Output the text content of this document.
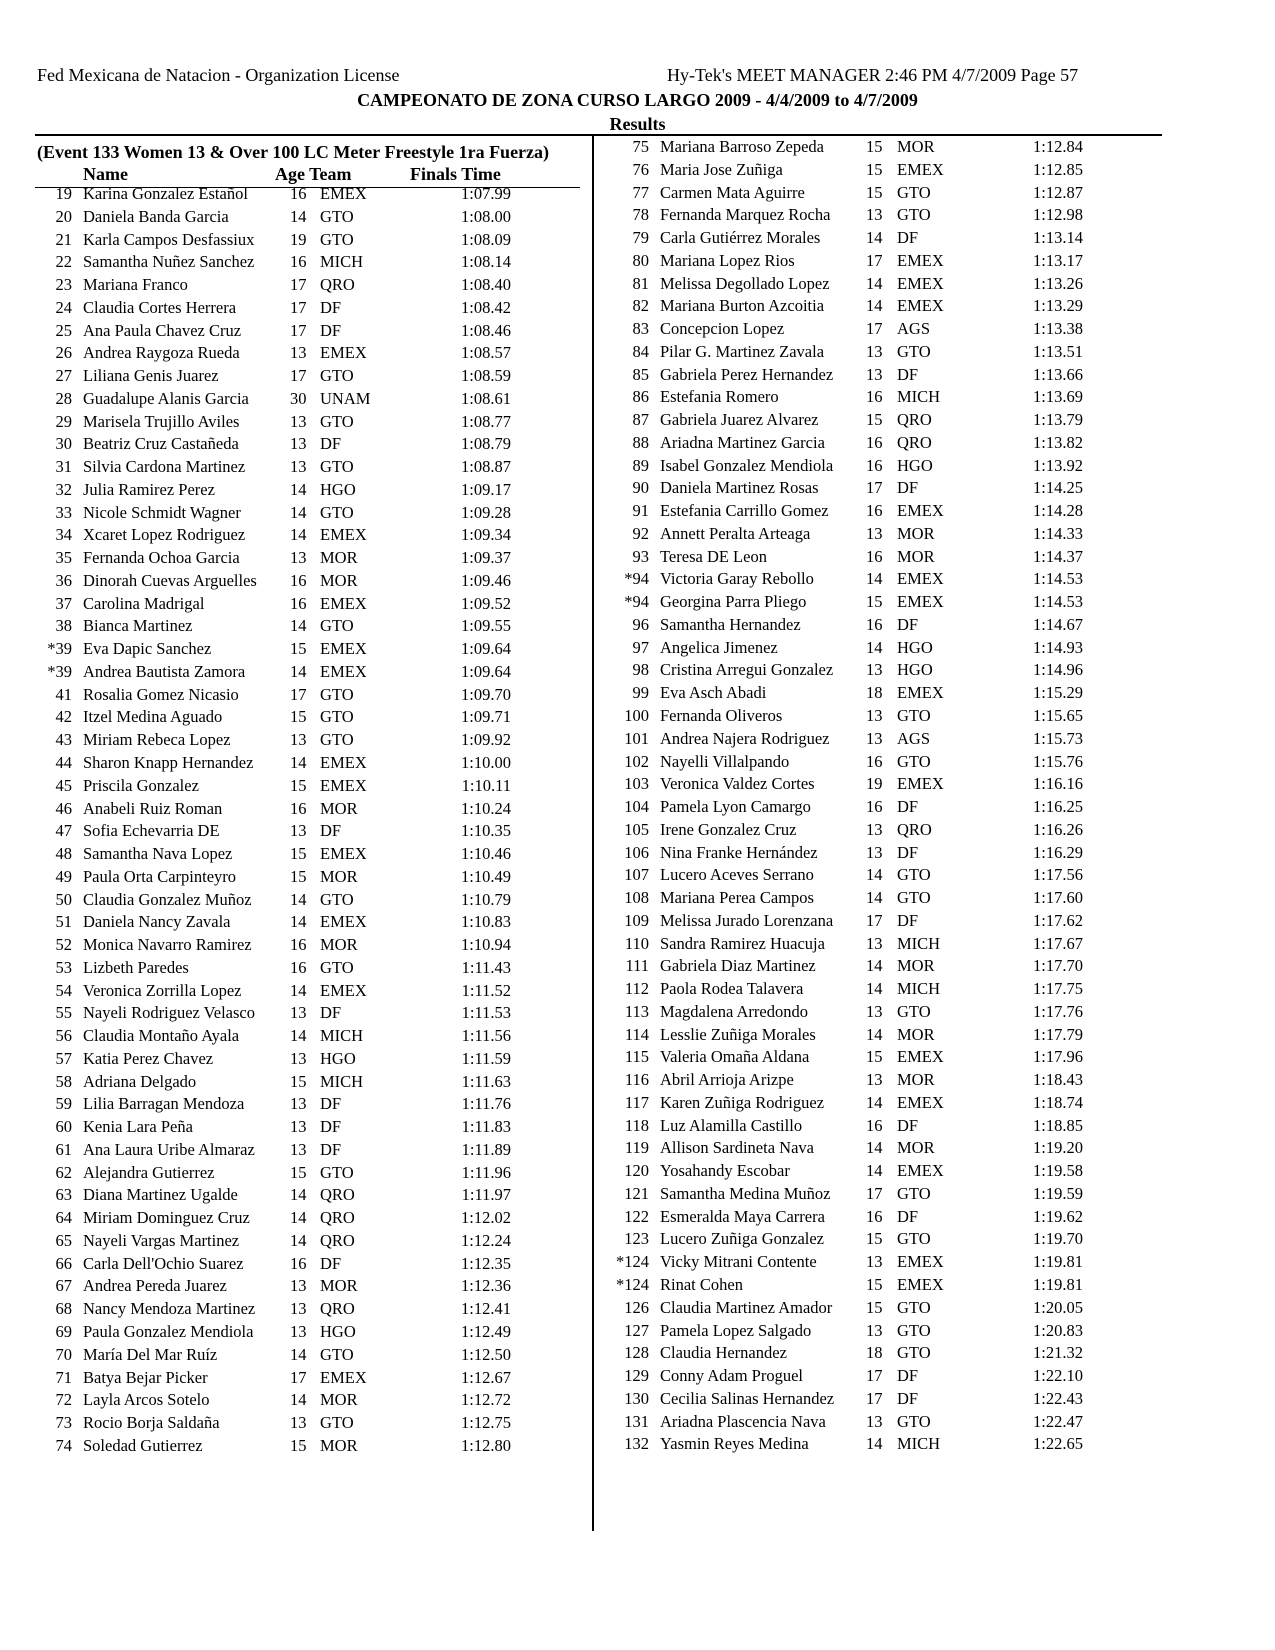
Fed Mexicana de Natacion - Organization License	Hy-Tek's MEET MANAGER 2:46 PM 4/7/2009 Page 57
CAMPEONATO DE ZONA CURSO LARGO 2009 - 4/4/2009 to 4/7/2009
Results
(Event 133 Women 13 & Over 100 LC Meter Freestyle 1ra Fuerza)
Name	Age Team	Finals Time
19 Karina Gonzalez Estañol	16 EMEX	1:07.99
20 Daniela Banda Garcia	14 GTO	1:08.00
21 Karla Campos Desfassiux 19 GTO	1:08.09
22 Samantha Nuñez Sanchez 16 MICH	1:08.14
23 Mariana Franco	17 QRO	1:08.40
24 Claudia Cortes Herrera	17 DF	1:08.42
25 Ana Paula Chavez Cruz	17 DF	1:08.46
26 Andrea Raygoza Rueda	13 EMEX	1:08.57
27 Liliana Genis Juarez	17 GTO	1:08.59
28 Guadalupe Alanis Garcia 30 UNAM	1:08.61
29 Marisela Trujillo Aviles	13 GTO	1:08.77
30 Beatriz Cruz Castañeda	13 DF	1:08.79
31 Silvia Cardona Martinez	13 GTO	1:08.87
32 Julia Ramirez Perez	14 HGO	1:09.17
33 Nicole Schmidt Wagner	14 GTO	1:09.28
34 Xcaret Lopez Rodriguez	14 EMEX	1:09.34
35 Fernanda Ochoa Garcia	13 MOR	1:09.37
36 Dinorah Cuevas Arguelles 16 MOR	1:09.46
37 Carolina Madrigal	16 EMEX	1:09.52
38 Bianca Martinez	14 GTO	1:09.55
*39 Eva Dapic Sanchez	15 EMEX	1:09.64
*39 Andrea Bautista Zamora	14 EMEX	1:09.64
41 Rosalia Gomez Nicasio	17 GTO	1:09.70
42 Itzel Medina Aguado	15 GTO	1:09.71
43 Miriam Rebeca Lopez	13 GTO	1:09.92
44 Sharon Knapp Hernandez 14 EMEX	1:10.00
45 Priscila Gonzalez	15 EMEX	1:10.11
46 Anabeli Ruiz Roman	16 MOR	1:10.24
47 Sofia Echevarria DE	13 DF	1:10.35
48 Samantha Nava Lopez	15 EMEX	1:10.46
49 Paula Orta Carpinteyro	15 MOR	1:10.49
50 Claudia Gonzalez Muñoz 14 GTO	1:10.79
51 Daniela Nancy Zavala	14 EMEX	1:10.83
52 Monica Navarro Ramirez 16 MOR	1:10.94
53 Lizbeth Paredes	16 GTO	1:11.43
54 Veronica Zorrilla Lopez	14 EMEX	1:11.52
55 Nayeli Rodriguez Velasco 13 DF	1:11.53
56 Claudia Montaño Ayala	14 MICH	1:11.56
57 Katia Perez Chavez	13 HGO	1:11.59
58 Adriana Delgado	15 MICH	1:11.63
59 Lilia Barragan Mendoza	13 DF	1:11.76
60 Kenia Lara Peña	13 DF	1:11.83
61 Ana Laura Uribe Almaraz 13 DF	1:11.89
62 Alejandra Gutierrez	15 GTO	1:11.96
63 Diana Martinez Ugalde	14 QRO	1:11.97
64 Miriam Dominguez Cruz 14 QRO	1:12.02
65 Nayeli Vargas Martinez	14 QRO	1:12.24
66 Carla Dell'Ochio Suarez	16 DF	1:12.35
67 Andrea Pereda Juarez	13 MOR	1:12.36
68 Nancy Mendoza Martinez 13 QRO	1:12.41
69 Paula Gonzalez Mendiola 13 HGO	1:12.49
70 María Del Mar Ruíz	14 GTO	1:12.50
71 Batya Bejar Picker	17 EMEX	1:12.67
72 Layla Arcos Sotelo	14 MOR	1:12.72
73 Rocio Borja Saldaña	13 GTO	1:12.75
74 Soledad Gutierrez	15 MOR	1:12.80
75 Mariana Barroso Zepeda	15 MOR	1:12.84
76 Maria Jose Zuñiga	15 EMEX	1:12.85
77 Carmen Mata Aguirre	15 GTO	1:12.87
78 Fernanda Marquez Rocha 13 GTO	1:12.98
79 Carla Gutiérrez Morales	14 DF	1:13.14
80 Mariana Lopez Rios	17 EMEX	1:13.17
81 Melissa Degollado Lopez 14 EMEX	1:13.26
82 Mariana Burton Azcoitia	14 EMEX	1:13.29
83 Concepcion Lopez	17 AGS	1:13.38
84 Pilar G. Martinez Zavala	13 GTO	1:13.51
85 Gabriela Perez Hernandez 13 DF	1:13.66
86 Estefania Romero	16 MICH	1:13.69
87 Gabriela Juarez Alvarez	15 QRO	1:13.79
88 Ariadna Martinez Garcia 16 QRO	1:13.82
89 Isabel Gonzalez Mendiola 16 HGO	1:13.92
90 Daniela Martinez Rosas	17 DF	1:14.25
91 Estefania Carrillo Gomez 16 EMEX	1:14.28
92 Annett Peralta Arteaga	13 MOR	1:14.33
93 Teresa DE Leon	16 MOR	1:14.37
*94 Victoria Garay Rebollo	14 EMEX	1:14.53
*94 Georgina Parra Pliego	15 EMEX	1:14.53
96 Samantha Hernandez	16 DF	1:14.67
97 Angelica Jimenez	14 HGO	1:14.93
98 Cristina Arregui Gonzalez 13 HGO	1:14.96
99 Eva Asch Abadi	18 EMEX	1:15.29
100 Fernanda Oliveros	13 GTO	1:15.65
101 Andrea Najera Rodriguez 13 AGS	1:15.73
102 Nayelli Villalpando	16 GTO	1:15.76
103 Veronica Valdez Cortes	19 EMEX	1:16.16
104 Pamela Lyon Camargo	16 DF	1:16.25
105 Irene Gonzalez Cruz	13 QRO	1:16.26
106 Nina Franke Hernández	13 DF	1:16.29
107 Lucero Aceves Serrano	14 GTO	1:17.56
108 Mariana Perea Campos	14 GTO	1:17.60
109 Melissa Jurado Lorenzana 17 DF	1:17.62
110 Sandra Ramirez Huacuja 13 MICH	1:17.67
111 Gabriela Diaz Martinez	14 MOR	1:17.70
112 Paola Rodea Talavera	14 MICH	1:17.75
113 Magdalena Arredondo	13 GTO	1:17.76
114 Lesslie Zuñiga Morales	14 MOR	1:17.79
115 Valeria Omaña Aldana	15 EMEX	1:17.96
116 Abril Arrioja Arizpe	13 MOR	1:18.43
117 Karen Zuñiga Rodriguez	14 EMEX	1:18.74
118 Luz Alamilla Castillo	16 DF	1:18.85
119 Allison Sardineta Nava	14 MOR	1:19.20
120 Yosahandy Escobar	14 EMEX	1:19.58
121 Samantha Medina Muñoz 17 GTO	1:19.59
122 Esmeralda Maya Carrera 16 DF	1:19.62
123 Lucero Zuñiga Gonzalez	15 GTO	1:19.70
*124 Vicky Mitrani Contente	13 EMEX	1:19.81
*124 Rinat Cohen	15 EMEX	1:19.81
126 Claudia Martinez Amador 15 GTO	1:20.05
127 Pamela Lopez Salgado	13 GTO	1:20.83
128 Claudia Hernandez	18 GTO	1:21.32
129 Conny Adam Proguel	17 DF	1:22.10
130 Cecilia Salinas Hernandez 17 DF	1:22.43
131 Ariadna Plascencia Nava 13 GTO	1:22.47
132 Yasmin Reyes Medina	14 MICH	1:22.65
